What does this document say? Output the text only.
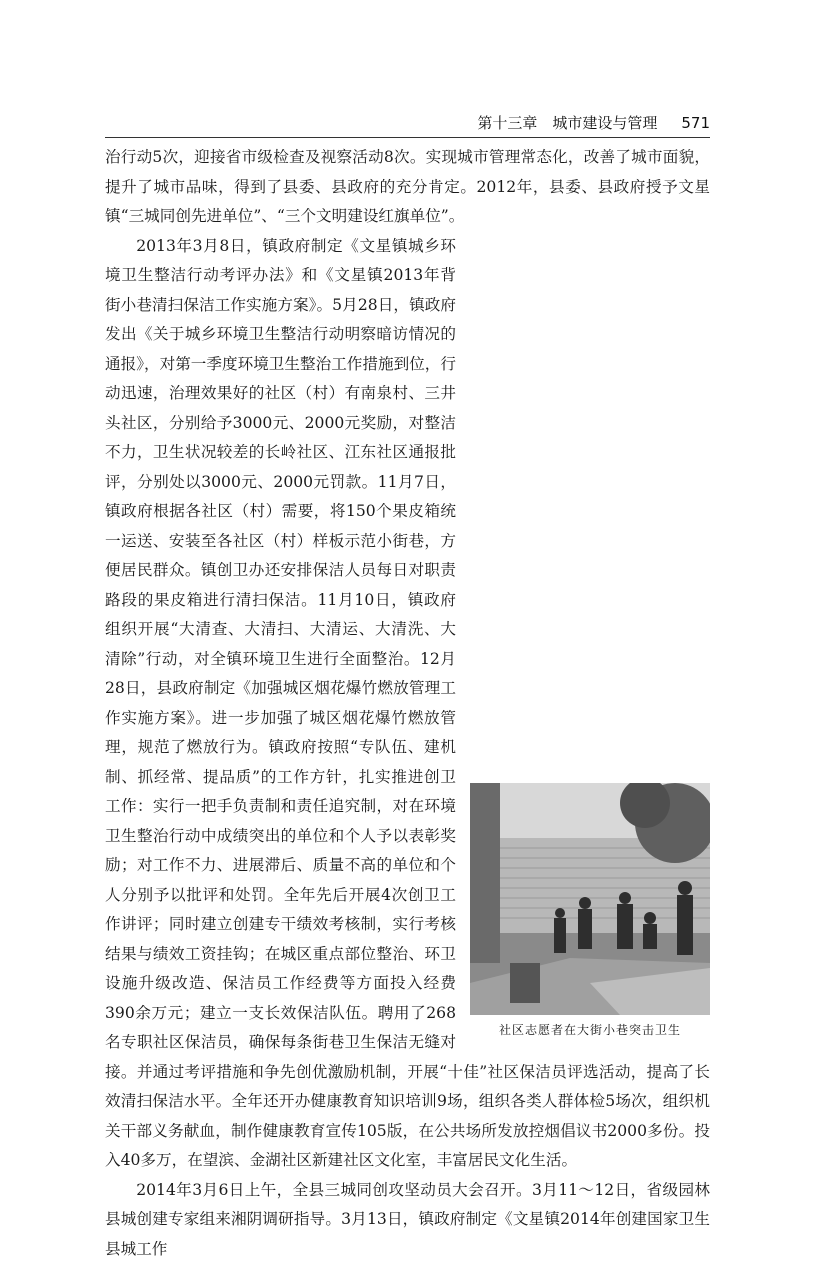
第十三章　城市建设与管理 571

治行动5次，迎接省市级检查及视察活动8次。实现城市管理常态化，改善了城市面貌，提升了城市品味，得到了县委、县政府的充分肯定。2012年，县委、县政府授予文星镇“三城同创先进单位”、“三个文明建设红旗单位”。

社区志愿者在大街小巷突击卫生

2013年3月8日，镇政府制定《文星镇城乡环境卫生整洁行动考评办法》和《文星镇2013年背街小巷清扫保洁工作实施方案》。5月28日，镇政府发出《关于城乡环境卫生整洁行动明察暗访情况的通报》，对第一季度环境卫生整治工作措施到位，行动迅速，治理效果好的社区（村）有南泉村、三井头社区，分别给予3000元、2000元奖励，对整洁不力，卫生状况较差的长岭社区、江东社区通报批评，分别处以3000元、2000元罚款。11月7日，镇政府根据各社区（村）需要，将150个果皮箱统一运送、安装至各社区（村）样板示范小街巷，方便居民群众。镇创卫办还安排保洁人员每日对职责路段的果皮箱进行清扫保洁。11月10日，镇政府组织开展“大清查、大清扫、大清运、大清洗、大清除”行动，对全镇环境卫生进行全面整治。12月28日，县政府制定《加强城区烟花爆竹燃放管理工作实施方案》。进一步加强了城区烟花爆竹燃放管理，规范了燃放行为。镇政府按照“专队伍、建机制、抓经常、提品质”的工作方针，扎实推进创卫工作：实行一把手负责制和责任追究制，对在环境卫生整治行动中成绩突出的单位和个人予以表彰奖励；对工作不力、进展滞后、质量不高的单位和个人分别予以批评和处罚。全年先后开展4次创卫工作讲评；同时建立创建专干绩效考核制，实行考核结果与绩效工资挂钩；在城区重点部位整治、环卫设施升级改造、保洁员工作经费等方面投入经费390余万元；建立一支长效保洁队伍。聘用了268名专职社区保洁员，确保每条街巷卫生保洁无缝对接。并通过考评措施和争先创优激励机制，开展“十佳”社区保洁员评选活动，提高了长效清扫保洁水平。全年还开办健康教育知识培训9场，组织各类人群体检5场次，组织机关干部义务献血，制作健康教育宣传105版，在公共场所发放控烟倡议书2000多份。投入40多万，在望滨、金湖社区新建社区文化室，丰富居民文化生活。

2014年3月6日上午，全县三城同创攻坚动员大会召开。3月11～12日，省级园林县城创建专家组来湘阴调研指导。3月13日，镇政府制定《文星镇2014年创建国家卫生县城工作
